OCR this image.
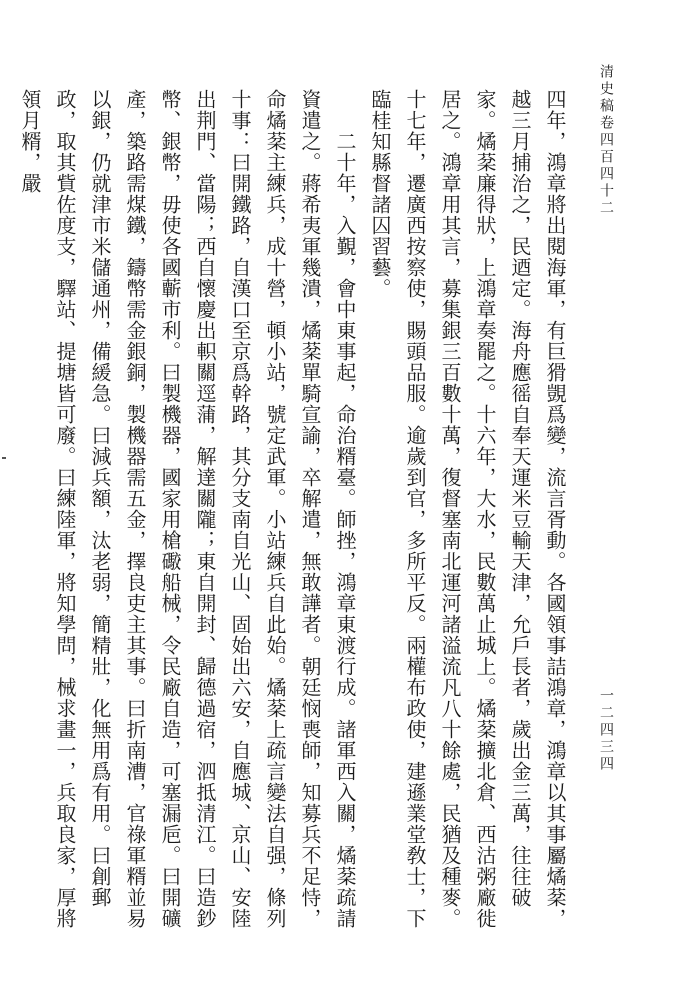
清史稿卷四百四十二
一二四三四
四年，鴻章將出閱海軍，有巨猾覬爲變，流言胥動。各國領事詰鴻章，鴻章以其事屬燏棻，越三月捕治之，民迺定。海舟應徭自奉天運米豆輸天津，允戶長者，歲出金三萬，往往破家。燏棻廉得狀，上鴻章奏罷之。十六年，大水，民數萬止城上。燏棻擴北倉、西沽粥廠徙居之。鴻章用其言，募集銀三百數十萬，復督塞南北運河諸溢流凡八十餘處，民猶及種麥。十七年，遷廣西按察使，賜頭品服。逾歲到官，多所平反。兩權布政使，建遜業堂敎士，下臨桂知縣督諸囚習藝。
　　二十年，入覲，會中東事起，命治糈臺。師挫，鴻章東渡行成。諸軍西入關，燏棻疏請資遣之。蔣希夷軍幾潰，燏棻單騎宣諭，卒解遣，無敢譁者。朝廷悯喪師，知募兵不足恃，命燏棻主練兵，成十營，頓小站，號定武軍。小站練兵自此始。燏棻上疏言變法自强，條列十事：曰開鐵路，自漢口至京爲幹路，其分支南自光山、固始出六安，自應城、京山、安陸出荆門、當陽；西自懷慶出軹關逕蒲，解達關隴；東自開封、歸德過宿，泗抵清江。曰造鈔幣、銀幣，毋使各國蘄市利。曰製機器，國家用槍礮船械，令民廠自造，可塞漏巵。曰開礦產，築路需煤鐵，鑄幣需金銀銅，製機器需五金，擇良吏主其事。曰折南漕，官祿軍糈並易以銀，仍就津市米儲通州，備緩急。曰減兵額，汰老弱，簡精壯，化無用爲有用。曰創郵政，取其貲佐度支，驛站、提塘皆可廢。曰練陸軍，將知學問，械求畫一，兵取良家，厚將領月糈，嚴
